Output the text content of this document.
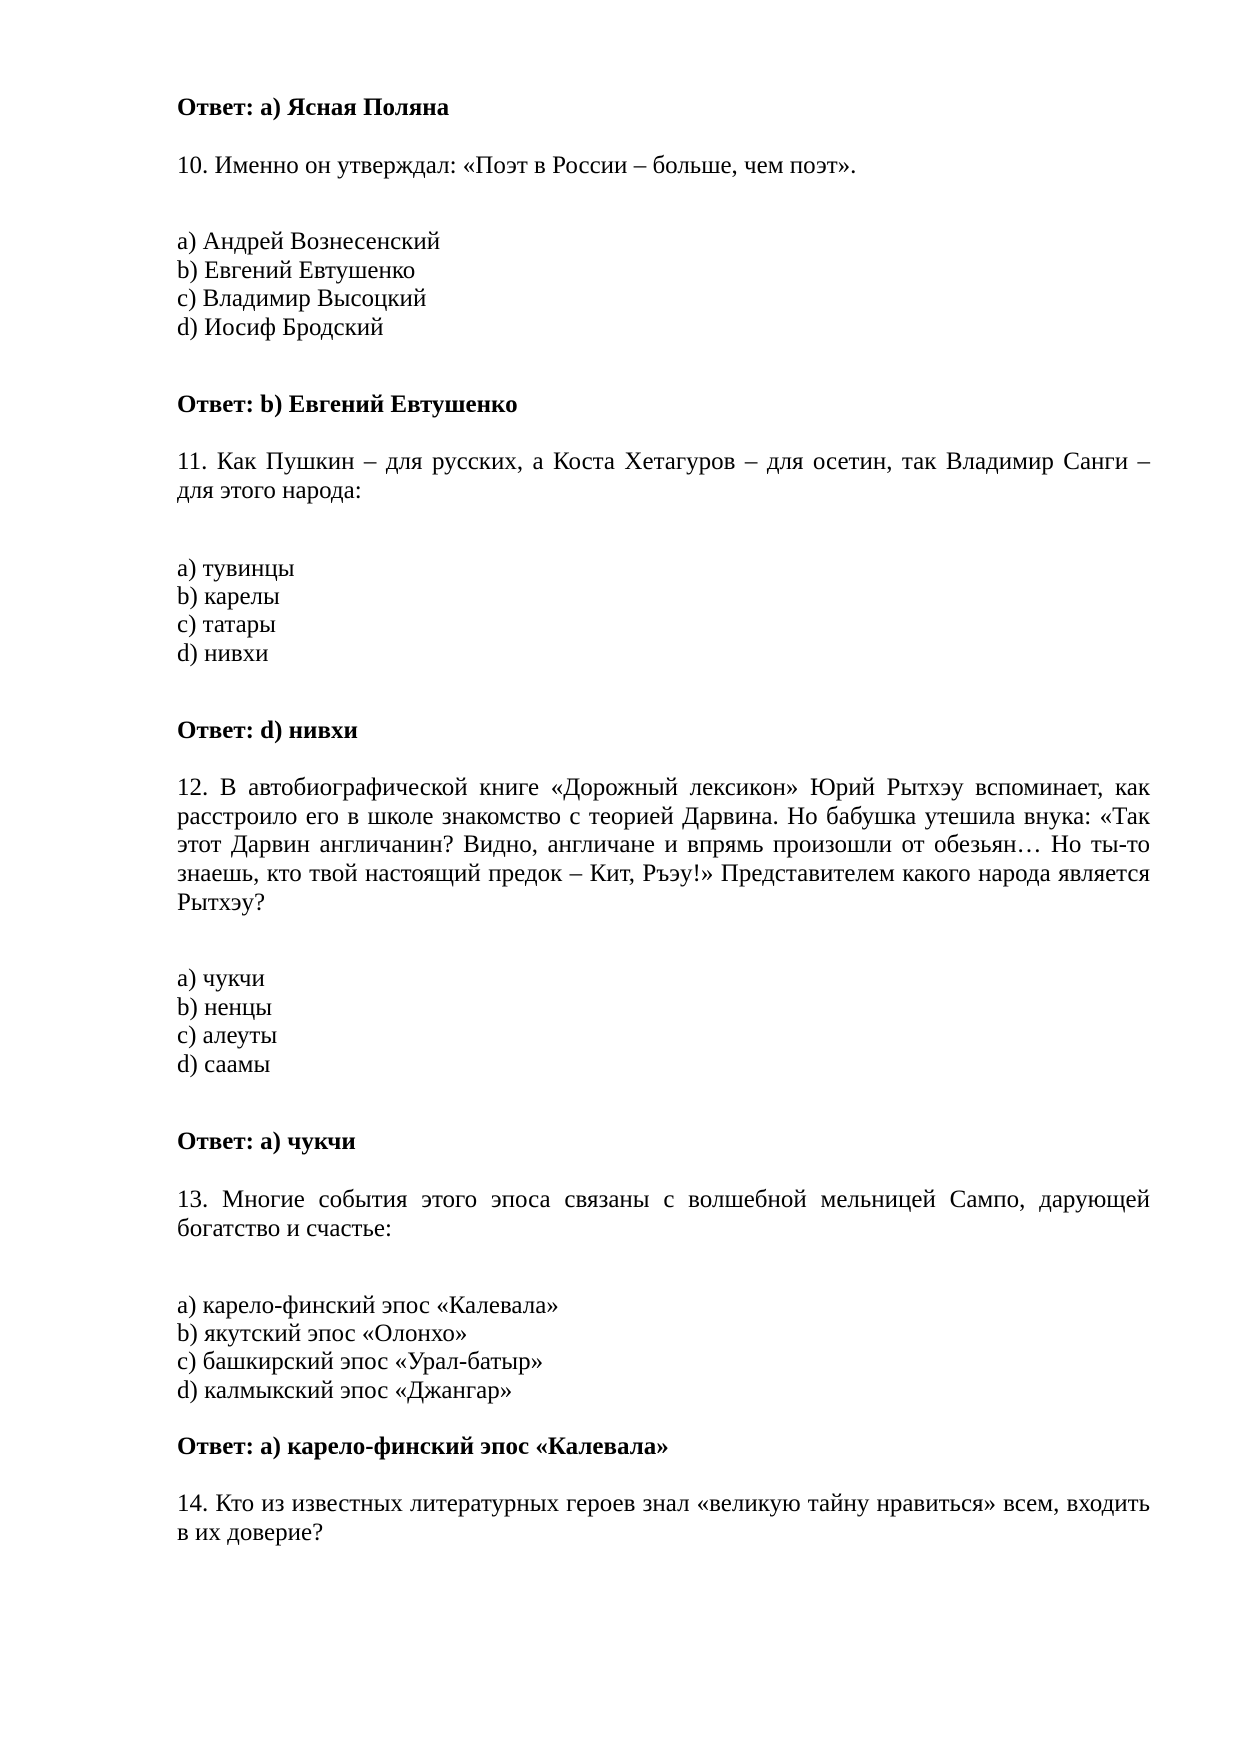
Ответ: а) Ясная Поляна
10. Именно он утверждал: «Поэт в России – больше, чем поэт».
a) Андрей Вознесенский
b) Евгений Евтушенко
c) Владимир Высоцкий
d) Иосиф Бродский
Ответ: b) Евгений Евтушенко
11. Как Пушкин – для русских, а Коста Хетагуров – для осетин, так Владимир Санги –
для этого народа:
a) тувинцы
b) карелы
c) татары
d) нивхи
Ответ: d) нивхи
12. В автобиографической книге «Дорожный лексикон» Юрий Рытхэу вспоминает, как
расстроило его в школе знакомство с теорией Дарвина. Но бабушка утешила внука: «Так
этот Дарвин англичанин? Видно, англичане и впрямь произошли от обезьян… Но ты-то
знаешь, кто твой настоящий предок – Кит, Ръэу!» Представителем какого народа является
Рытхэу?
a) чукчи
b) ненцы
c) алеуты
d) саамы
Ответ: a) чукчи
13. Многие события этого эпоса связаны с волшебной мельницей Сампо, дарующей
богатство и счастье:
a) карело-финский эпос «Калевала»
b) якутский эпос «Олонхо»
c) башкирский эпос «Урал-батыр»
d) калмыкский эпос «Джангар»
Ответ: a) карело-финский эпос «Калевала»
14. Кто из известных литературных героев знал «великую тайну нравиться» всем, входить
в их доверие?
